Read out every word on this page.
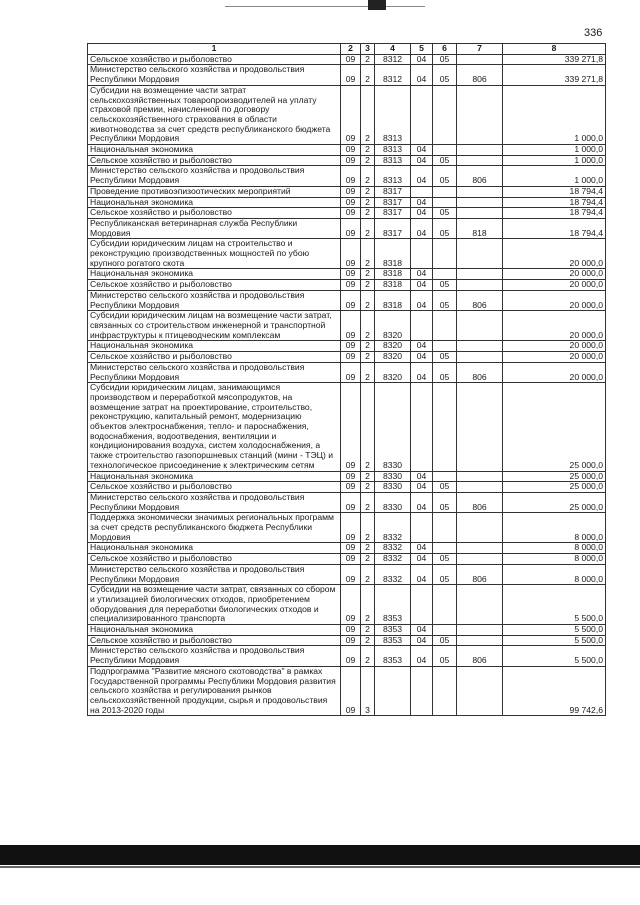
336
1	2	3	4	5	6	7	8
Сельское хозяйство и рыболовство	09	2	8312	04	05		339 271,8
Министерство сельского хозяйства и продовольствия Республики Мордовия	09	2	8312	04	05	806	339 271,8
Субсидии на возмещение части затрат сельскохозяйственных товаропроизводителей на уплату страховой премии, начисленной по договору сельскохозяйственного страхования в области животноводства за счет средств республиканского бюджета Республики Мордовия	09	2	8313				1 000,0
Национальная экономика	09	2	8313	04			1 000,0
Сельское хозяйство и рыболовство	09	2	8313	04	05		1 000,0
Министерство сельского хозяйства и продовольствия Республики Мордовия	09	2	8313	04	05	806	1 000,0
Проведение противоэпизоотических мероприятий	09	2	8317				18 794,4
Национальная экономика	09	2	8317	04			18 794,4
Сельское хозяйство и рыболовство	09	2	8317	04	05		18 794,4
Республиканская ветеринарная служба Республики Мордовия	09	2	8317	04	05	818	18 794,4
Субсидии юридическим лицам на строительство и реконструкцию производственных мощностей по убою крупного рогатого скота	09	2	8318				20 000,0
Национальная экономика	09	2	8318	04			20 000,0
Сельское хозяйство и рыболовство	09	2	8318	04	05		20 000,0
Министерство сельского хозяйства и продовольствия Республики Мордовия	09	2	8318	04	05	806	20 000,0
Субсидии юридическим лицам на возмещение части затрат, связанных со строительством инженерной и транспортной инфраструктуры к птицеводческим комплексам	09	2	8320				20 000,0
Национальная экономика	09	2	8320	04			20 000,0
Сельское хозяйство и рыболовство	09	2	8320	04	05		20 000,0
Министерство сельского хозяйства и продовольствия Республики Мордовия	09	2	8320	04	05	806	20 000,0
Субсидии юридическим лицам, занимающимся производством и переработкой мясопродуктов, на возмещение затрат на проектирование, строительство, реконструкцию, капитальный ремонт, модернизацию объектов электроснабжения, тепло- и пароснабжения, водоснабжения, водоотведения, вентиляции и кондиционирования воздуха, систем холодоснабжения, а также строительство газопоршневых станций (мини - ТЭЦ) и технологическое присоединение к электрическим сетям	09	2	8330				25 000,0
Национальная экономика	09	2	8330	04			25 000,0
Сельское хозяйство и рыболовство	09	2	8330	04	05		25 000,0
Министерство сельского хозяйства и продовольствия Республики Мордовия	09	2	8330	04	05	806	25 000,0
Поддержка экономически значимых региональных программ за счет средств республиканского бюджета Республики Мордовия	09	2	8332				8 000,0
Национальная экономика	09	2	8332	04			8 000,0
Сельское хозяйство и рыболовство	09	2	8332	04	05		8 000,0
Министерство сельского хозяйства и продовольствия Республики Мордовия	09	2	8332	04	05	806	8 000,0
Субсидии на возмещение части затрат, связанных со сбором и утилизацией биологических отходов, приобретением оборудования для переработки биологических отходов и специализированного транспорта	09	2	8353				5 500,0
Национальная экономика	09	2	8353	04			5 500,0
Сельское хозяйство и рыболовство	09	2	8353	04	05		5 500,0
Министерство сельского хозяйства и продовольствия Республики Мордовия	09	2	8353	04	05	806	5 500,0
Подпрограмма "Развитие мясного скотоводства" в рамках Государственной программы Республики Мордовия развития сельского хозяйства и регулирования рынков сельскохозяйственной продукции, сырья и продовольствия на 2013-2020 годы	09	3					99 742,6
